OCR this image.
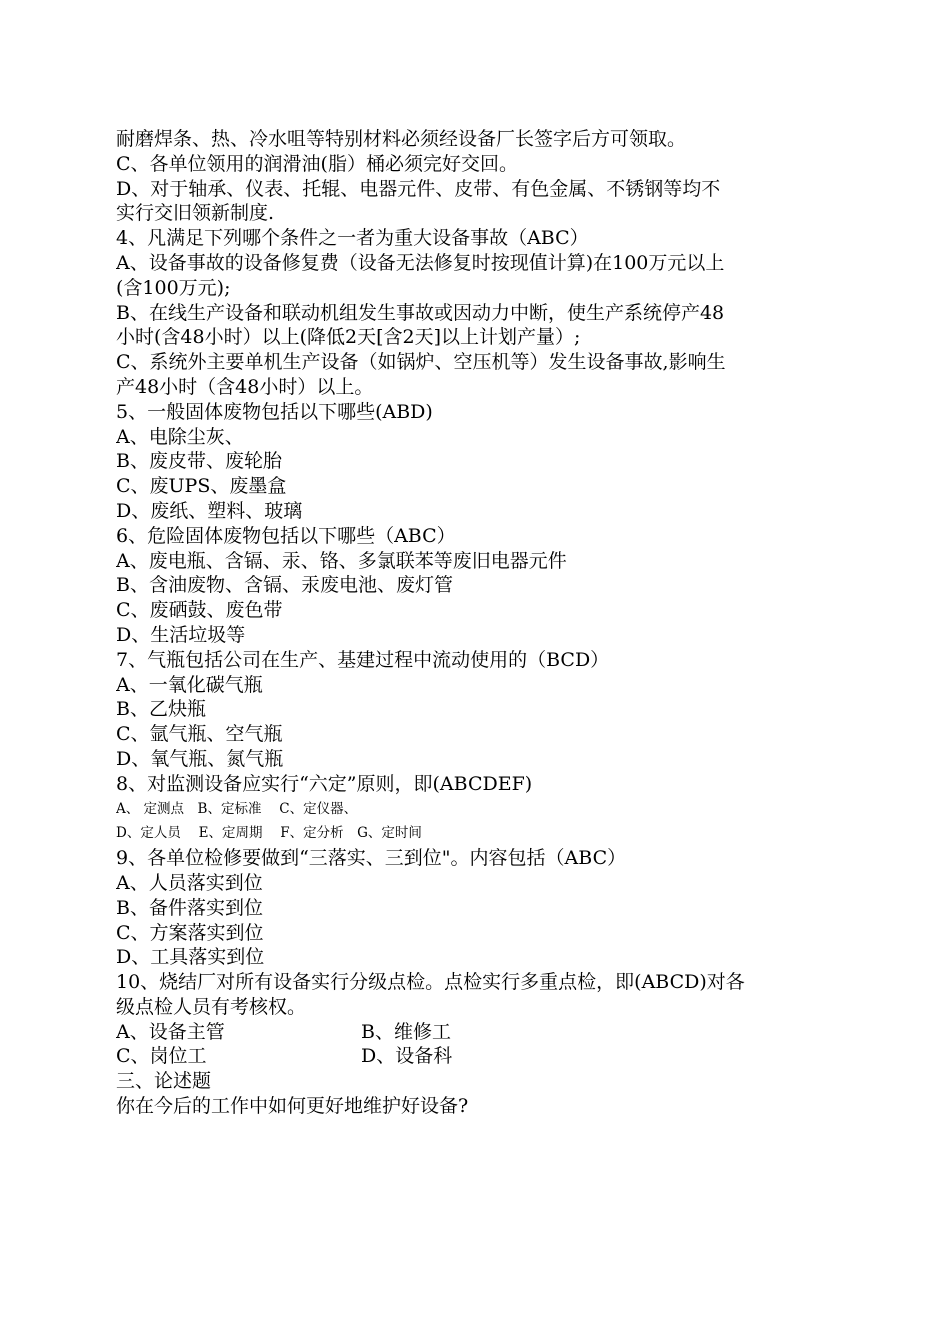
耐磨焊条、热、冷水咀等特别材料必须经设备厂长签字后方可领取。
C、各单位领用的润滑油(脂）桶必须完好交回。
D、对于轴承、仪表、托辊、电器元件、皮带、有色金属、不锈钢等均不
实行交旧领新制度.
4、凡满足下列哪个条件之一者为重大设备事故（ABC）
A、设备事故的设备修复费（设备无法修复时按现值计算)在100万元以上
(含100万元);
B、在线生产设备和联动机组发生事故或因动力中断，使生产系统停产48
小时(含48小时）以上(降低2天[含2天]以上计划产量）;
C、系统外主要单机生产设备（如锅炉、空压机等）发生设备事故,影响生
产48小时（含48小时）以上。
5、一般固体废物包括以下哪些(ABD)
A、电除尘灰、
B、废皮带、废轮胎
C、废UPS、废墨盒
D、废纸、塑料、玻璃
6、危险固体废物包括以下哪些（ABC）
A、废电瓶、含镉、汞、铬、多氯联苯等废旧电器元件
B、含油废物、含镉、汞废电池、废灯管
C、废硒鼓、废色带
D、生活垃圾等
7、气瓶包括公司在生产、基建过程中流动使用的（BCD）
A、一氧化碳气瓶
B、乙炔瓶
C、氩气瓶、空气瓶
D、氧气瓶、氮气瓶
8、对监测设备应实行“六定”原则，即(ABCDEF)
A、 定测点　B、定标准　 C、定仪器、
D、定人员　 E、定周期　 F、定分析　G、定时间
9、各单位检修要做到“三落实、三到位"。内容包括（ABC）
A、人员落实到位
B、备件落实到位
C、方案落实到位
D、工具落实到位
10、烧结厂对所有设备实行分级点检。点检实行多重点检，即(ABCD)对各
级点检人员有考核权。
A、设备主管	B、维修工
C、岗位工	D、设备科
三、论述题
你在今后的工作中如何更好地维护好设备?
